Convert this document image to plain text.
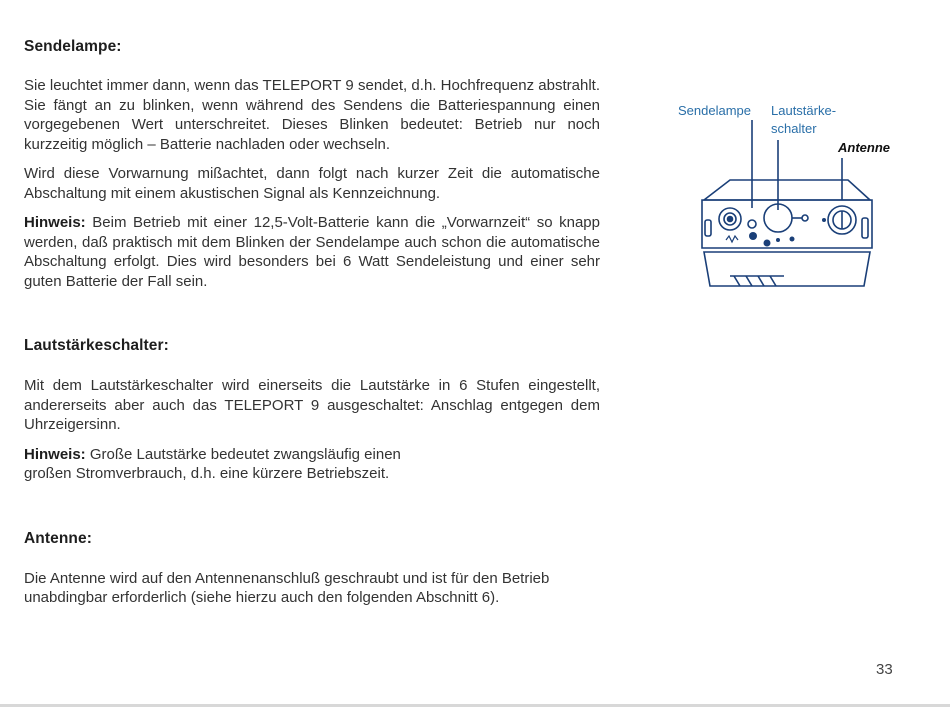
Sendelampe:

Sie leuchtet immer dann, wenn das TELEPORT 9 sendet, d.h. Hochfrequenz abstrahlt. Sie fängt an zu blinken, wenn während des Sendens die Batteriespannung einen vorgegebenen Wert unterschreitet. Dieses Blinken bedeutet: Betrieb nur noch kurzzeitig möglich – Batterie nachladen oder wechseln.

Wird diese Vorwarnung mißachtet, dann folgt nach kurzer Zeit die automatische Abschaltung mit einem akustischen Signal als Kennzeichnung.

Hinweis: Beim Betrieb mit einer 12,5-Volt-Batterie kann die „Vorwarnzeit“ so knapp werden, daß praktisch mit dem Blinken der Sendelampe auch schon die automatische Abschaltung erfolgt. Dies wird besonders bei 6 Watt Sendeleistung und einer sehr guten Batterie der Fall sein.

Lautstärkeschalter:

Mit dem Lautstärkeschalter wird einerseits die Lautstärke in 6 Stufen eingestellt, andererseits aber auch das TELEPORT 9 ausgeschaltet: Anschlag entgegen dem Uhrzeigersinn.

Hinweis: Große Lautstärke bedeutet zwangsläufig einen
großen Stromverbrauch, d.h. eine kürzere Betriebszeit.

Antenne:

Die Antenne wird auf den Antennenanschluß geschraubt und ist für den Betrieb unabdingbar erforderlich (siehe hierzu auch den folgenden Abschnitt 6).

Sendelampe Lautstärke-
schalter
Antenne
33
